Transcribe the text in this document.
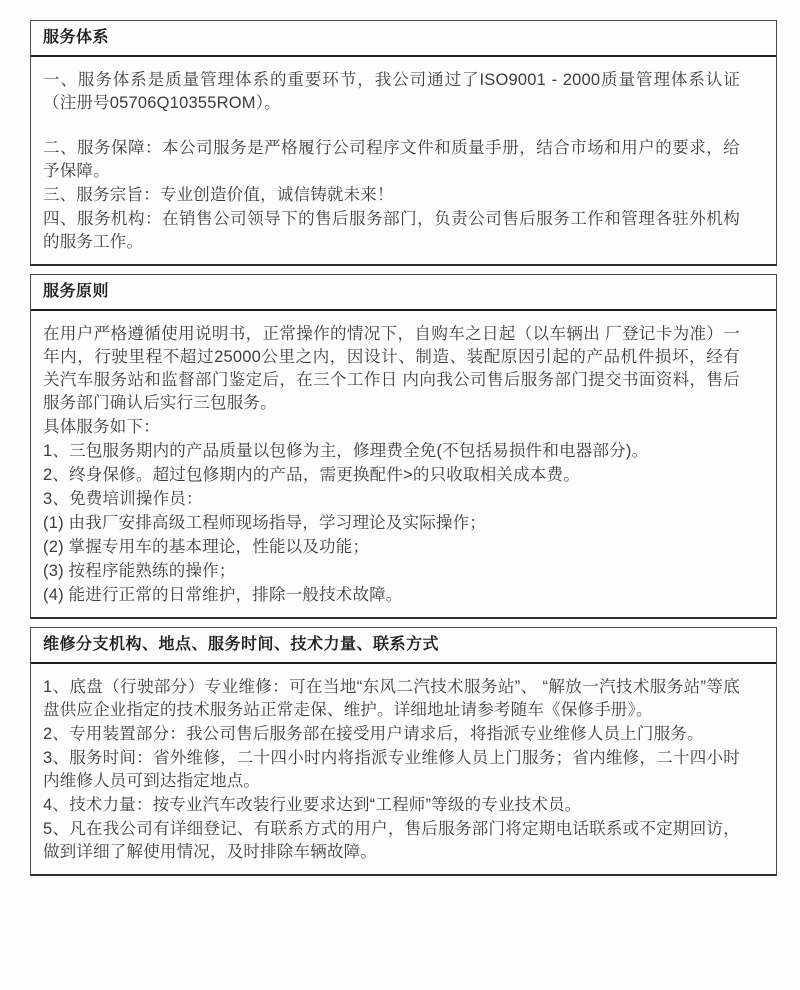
服务体系

一、服务体系是质量管理体系的重要环节，我公司通过了ISO9001 - 2000质量管理体系认证（注册号05706Q10355ROM）。

二、服务保障：本公司服务是严格履行公司程序文件和质量手册，结合市场和用户的要求，给予保障。

三、服务宗旨：专业创造价值，诚信铸就未来！

四、服务机构：在销售公司领导下的售后服务部门，负责公司售后服务工作和管理各驻外机构的服务工作。

服务原则

在用户严格遵循使用说明书，正常操作的情况下，自购车之日起（以车辆出 厂登记卡为准）一年内，行驶里程不超过25000公里之内，因设计、制造、装配原因引起的产品机件损坏，经有关汽车服务站和监督部门鉴定后，在三个工作日 内向我公司售后服务部门提交书面资料，售后服务部门确认后实行三包服务。

具体服务如下：

1、三包服务期内的产品质量以包修为主，修理费全免(不包括易损件和电器部分)。

2、终身保修。超过包修期内的产品，需更换配件>的只收取相关成本费。

3、免费培训操作员：

(1) 由我厂安排高级工程师现场指导，学习理论及实际操作；

(2) 掌握专用车的基本理论，性能以及功能；

(3) 按程序能熟练的操作；

(4) 能进行正常的日常维护，排除一般技术故障。

维修分支机构、地点、服务时间、技术力量、联系方式

1、底盘（行驶部分）专业维修：可在当地“东风二汽技术服务站”、 “解放一汽技术服务站”等底盘供应企业指定的技术服务站正常走保、维护。详细地址请参考随车《保修手册》。

2、专用装置部分：我公司售后服务部在接受用户请求后，将指派专业维修人员上门服务。

3、服务时间：省外维修，二十四小时内将指派专业维修人员上门服务；省内维修，二十四小时内维修人员可到达指定地点。

4、技术力量：按专业汽车改装行业要求达到“工程师”等级的专业技术员。

5、凡在我公司有详细登记、有联系方式的用户，售后服务部门将定期电话联系或不定期回访，做到详细了解使用情况，及时排除车辆故障。
